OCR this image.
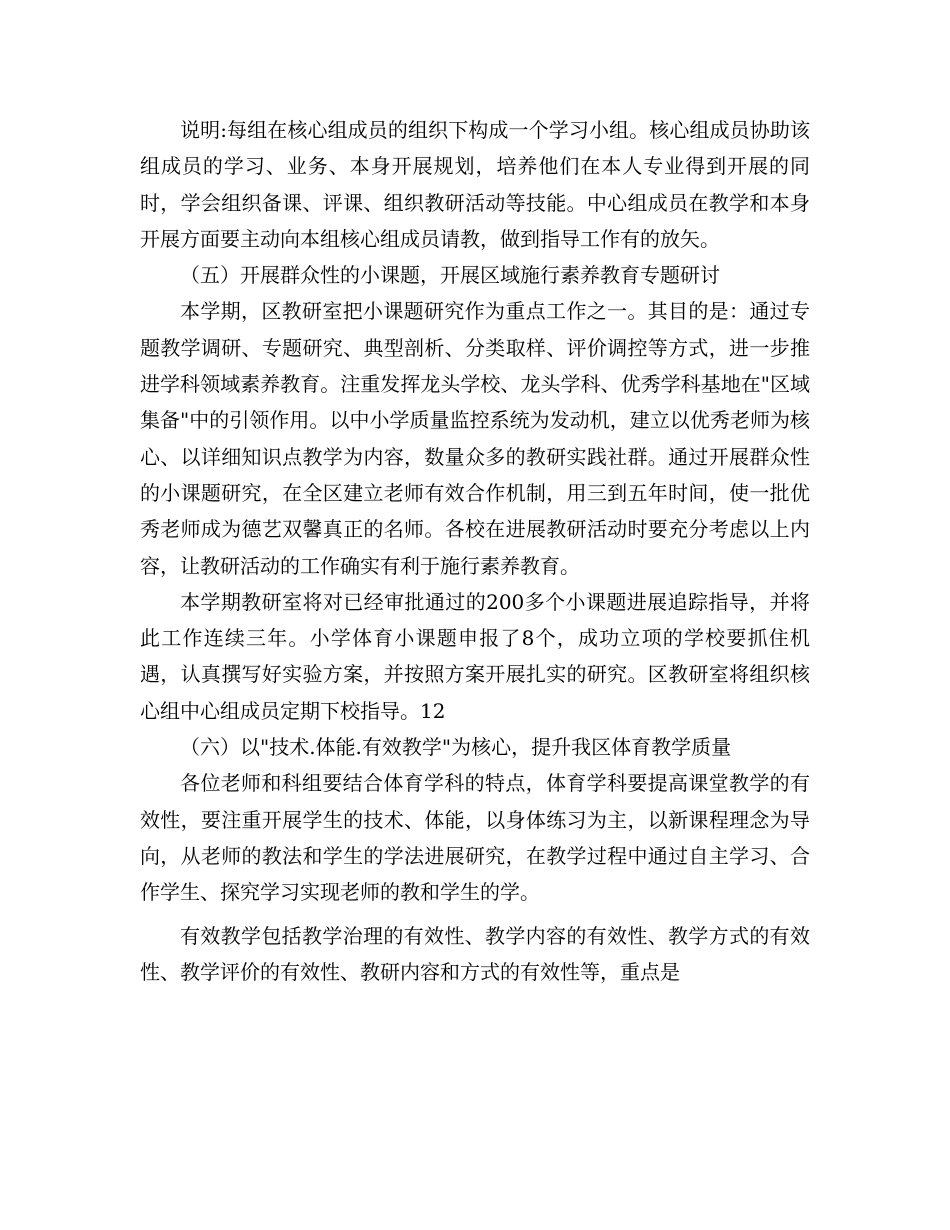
说明:每组在核心组成员的组织下构成一个学习小组。核心组成员协助该组成员的学习、业务、本身开展规划，培养他们在本人专业得到开展的同时，学会组织备课、评课、组织教研活动等技能。中心组成员在教学和本身开展方面要主动向本组核心组成员请教，做到指导工作有的放矢。

（五）开展群众性的小课题，开展区域施行素养教育专题研讨

本学期，区教研室把小课题研究作为重点工作之一。其目的是：通过专题教学调研、专题研究、典型剖析、分类取样、评价调控等方式，进一步推进学科领域素养教育。注重发挥龙头学校、龙头学科、优秀学科基地在"区域集备"中的引领作用。以中小学质量监控系统为发动机，建立以优秀老师为核心、以详细知识点教学为内容，数量众多的教研实践社群。通过开展群众性的小课题研究，在全区建立老师有效合作机制，用三到五年时间，使一批优秀老师成为德艺双馨真正的名师。各校在进展教研活动时要充分考虑以上内容，让教研活动的工作确实有利于施行素养教育。

本学期教研室将对已经审批通过的200多个小课题进展追踪指导，并将此工作连续三年。小学体育小课题申报了8个，成功立项的学校要抓住机遇，认真撰写好实验方案，并按照方案开展扎实的研究。区教研室将组织核心组中心组成员定期下校指导。12

（六）以"技术.体能.有效教学"为核心，提升我区体育教学质量

各位老师和科组要结合体育学科的特点，体育学科要提高课堂教学的有效性，要注重开展学生的技术、体能，以身体练习为主，以新课程理念为导向，从老师的教法和学生的学法进展研究，在教学过程中通过自主学习、合作学生、探究学习实现老师的教和学生的学。

有效教学包括教学治理的有效性、教学内容的有效性、教学方式的有效性、教学评价的有效性、教研内容和方式的有效性等，重点是
